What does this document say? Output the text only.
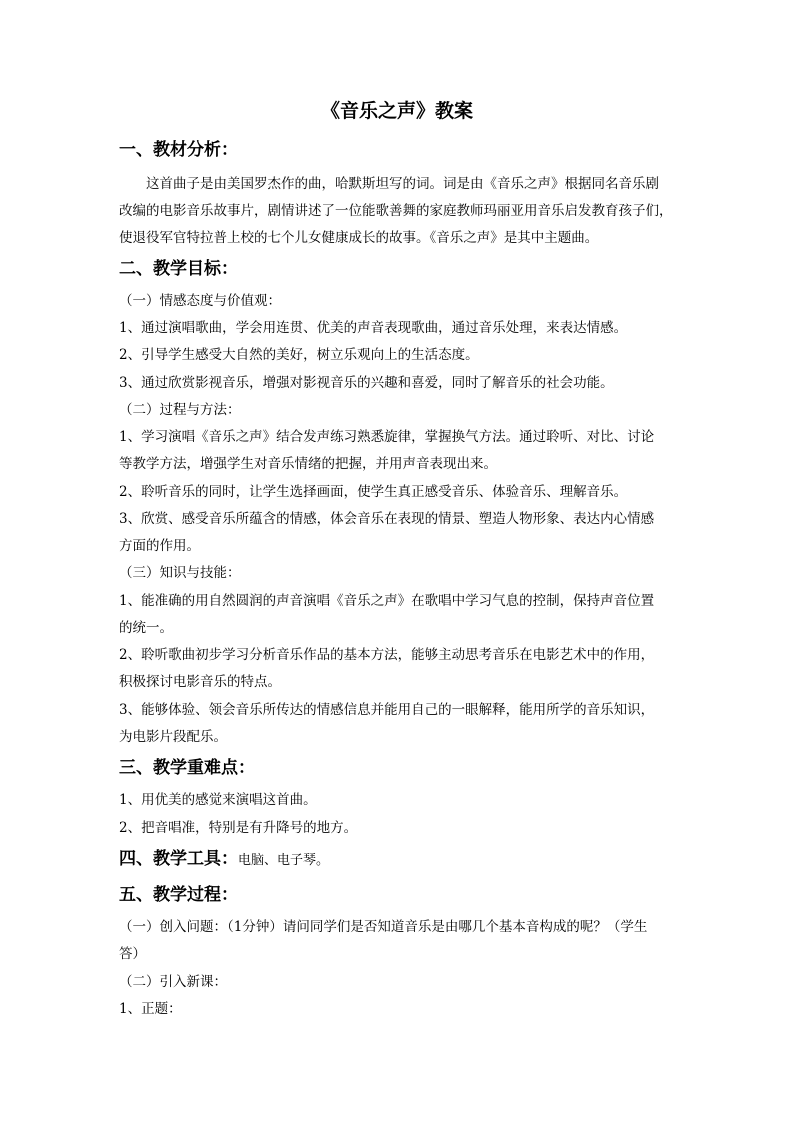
《音乐之声》教案
一、教材分析：
这首曲子是由美国罗杰作的曲，哈默斯坦写的词。词是由《音乐之声》根据同名音乐剧
改编的电影音乐故事片，剧情讲述了一位能歌善舞的家庭教师玛丽亚用音乐启发教育孩子们，
使退役军官特拉普上校的七个儿女健康成长的故事。《音乐之声》是其中主题曲。
二、教学目标：
（一）情感态度与价值观：
1、通过演唱歌曲，学会用连贯、优美的声音表现歌曲，通过音乐处理，来表达情感。
2、引导学生感受大自然的美好，树立乐观向上的生活态度。
3、通过欣赏影视音乐，增强对影视音乐的兴趣和喜爱，同时了解音乐的社会功能。
（二）过程与方法：
1、学习演唱《音乐之声》结合发声练习熟悉旋律，掌握换气方法。通过聆听、对比、讨论
等教学方法，增强学生对音乐情绪的把握，并用声音表现出来。
2、聆听音乐的同时，让学生选择画面，使学生真正感受音乐、体验音乐、理解音乐。
3、欣赏、感受音乐所蕴含的情感，体会音乐在表现的情景、塑造人物形象、表达内心情感
方面的作用。
（三）知识与技能：
1、能准确的用自然圆润的声音演唱《音乐之声》在歌唱中学习气息的控制，保持声音位置
的统一。
2、聆听歌曲初步学习分析音乐作品的基本方法，能够主动思考音乐在电影艺术中的作用，
积极探讨电影音乐的特点。
3、能够体验、领会音乐所传达的情感信息并能用自己的一眼解释，能用所学的音乐知识，
为电影片段配乐。
三、教学重难点：
1、用优美的感觉来演唱这首曲。
2、把音唱准，特别是有升降号的地方。
四、教学工具：电脑、电子琴。
五、教学过程：
（一）创入问题：（1分钟）请问同学们是否知道音乐是由哪几个基本音构成的呢？（学生
答）
（二）引入新课：
1、正题：
